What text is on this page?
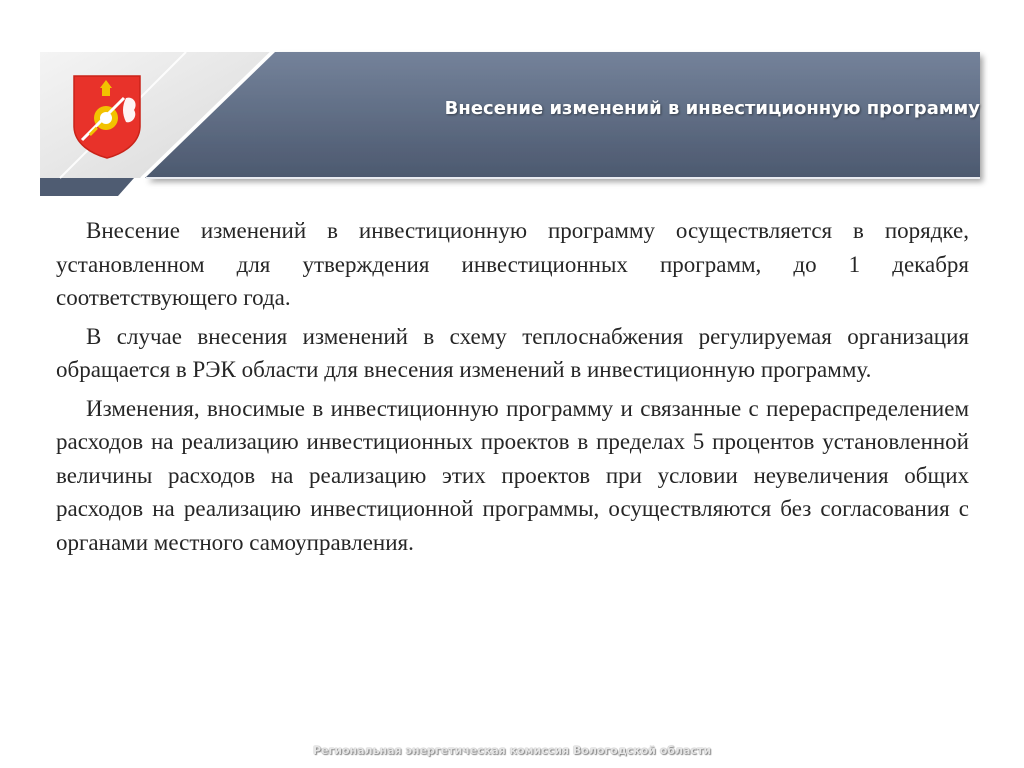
Внесение изменений в инвестиционную программу

Внесение изменений в инвестиционную программу осуществляется в порядке, установленном для утверждения инвестиционных программ, до 1 декабря соответствующего года.

В случае внесения изменений в схему теплоснабжения регулируемая организация обращается в РЭК области для внесения изменений в инвестиционную программу.

Изменения, вносимые в инвестиционную программу и связанные с перераспределением расходов на реализацию инвестиционных проектов в пределах 5 процентов установленной величины расходов на реализацию этих проектов при условии неувеличения общих расходов на реализацию инвестиционной программы, осуществляются без согласования с органами местного самоуправления.

Региональная энергетическая комиссия Вологодской области
